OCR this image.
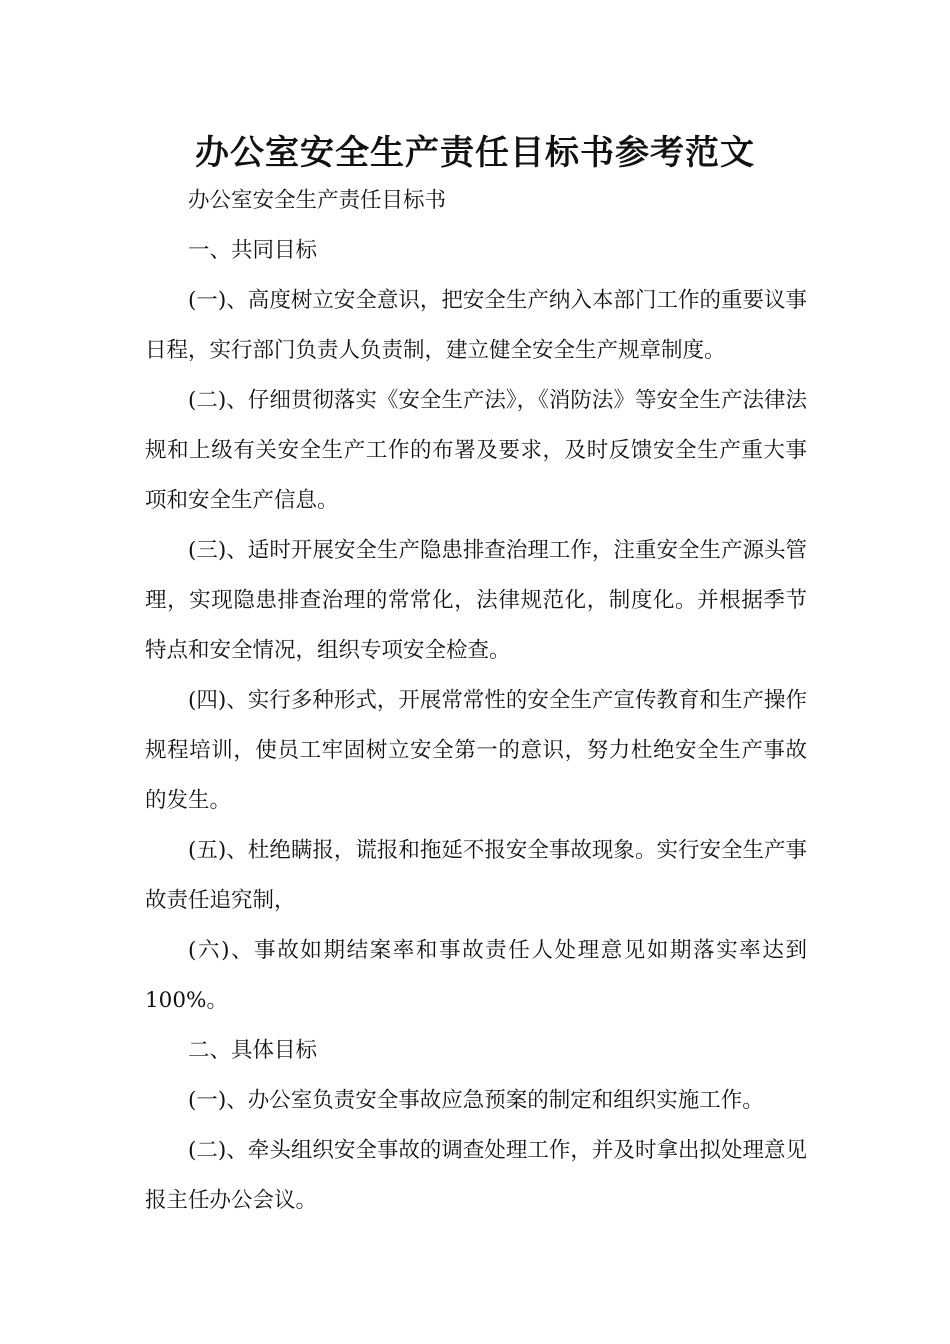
办公室安全生产责任目标书参考范文

办公室安全生产责任目标书

一、共同目标

(一)、高度树立安全意识，把安全生产纳入本部门工作的重要议事日程，实行部门负责人负责制，建立健全安全生产规章制度。

(二)、仔细贯彻落实《安全生产法》，《消防法》等安全生产法律法规和上级有关安全生产工作的布署及要求，及时反馈安全生产重大事项和安全生产信息。

(三)、适时开展安全生产隐患排查治理工作，注重安全生产源头管理，实现隐患排查治理的常常化，法律规范化，制度化。并根据季节特点和安全情况，组织专项安全检查。

(四)、实行多种形式，开展常常性的安全生产宣传教育和生产操作规程培训，使员工牢固树立安全第一的意识，努力杜绝安全生产事故的发生。

(五)、杜绝瞒报，谎报和拖延不报安全事故现象。实行安全生产事故责任追究制，

(六)、事故如期结案率和事故责任人处理意见如期落实率达到100%。

二、具体目标

(一)、办公室负责安全事故应急预案的制定和组织实施工作。

(二)、牵头组织安全事故的调查处理工作，并及时拿出拟处理意见报主任办公会议。
